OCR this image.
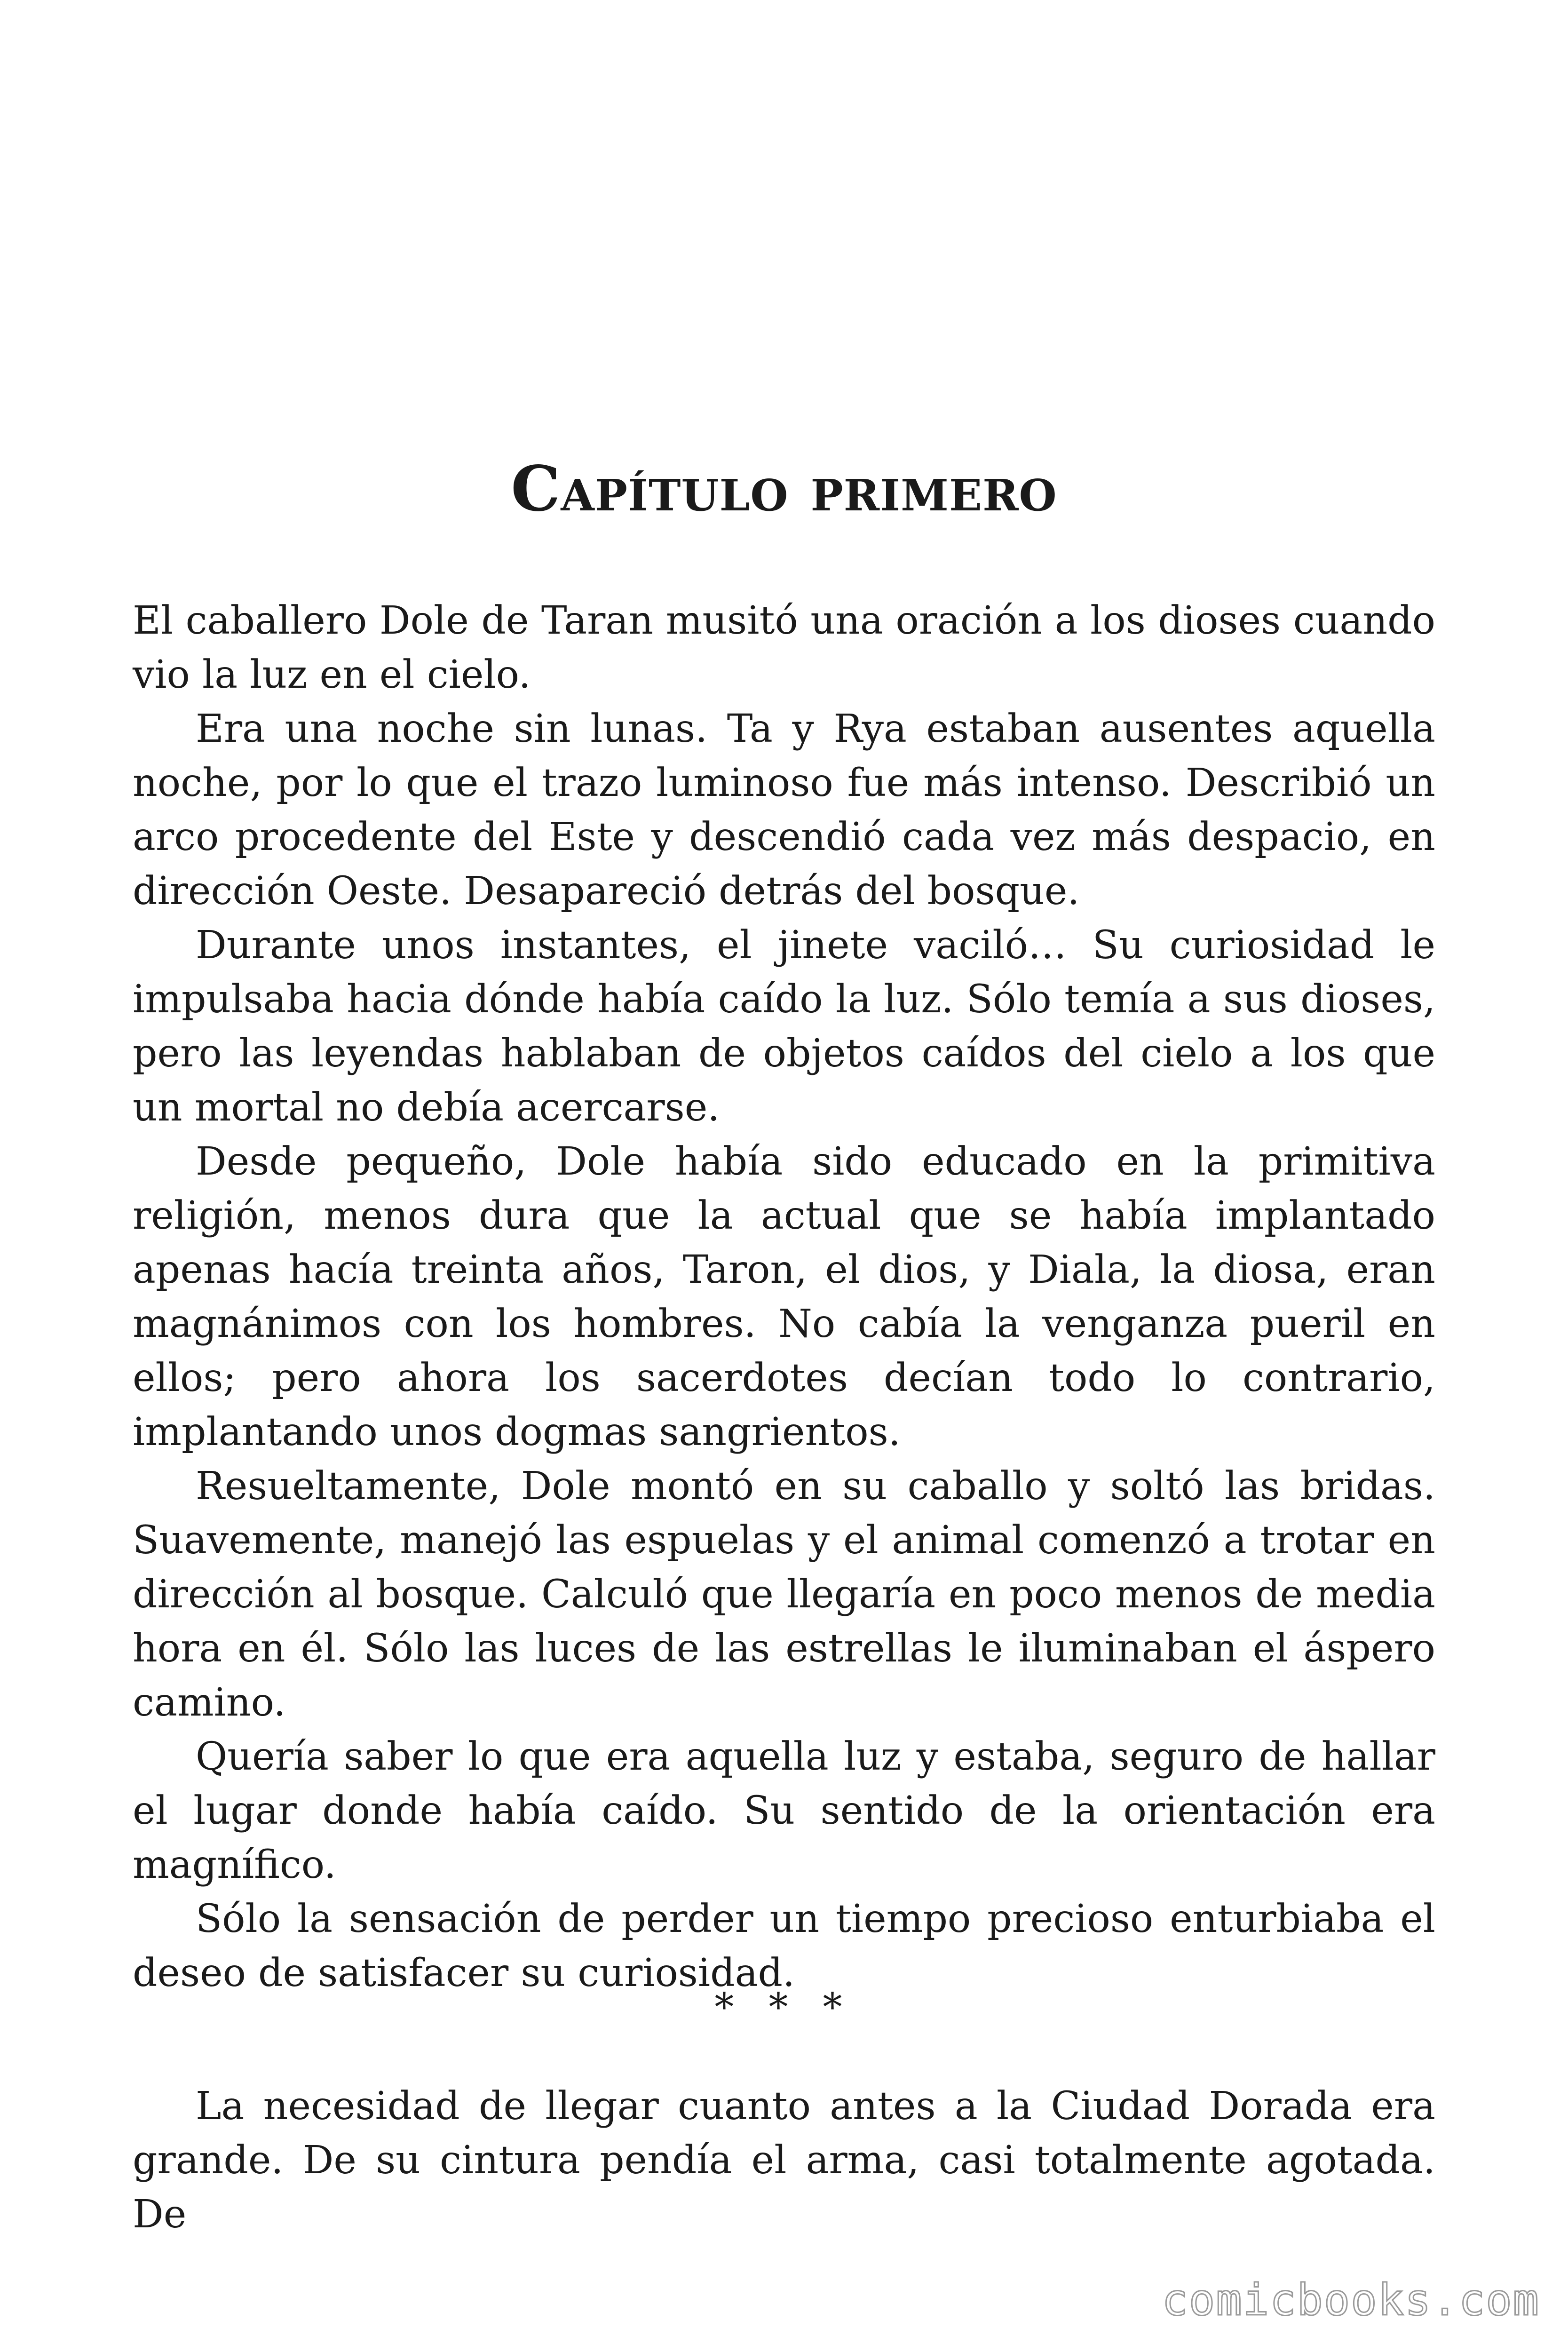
Capítulo primero

El caballero Dole de Taran musitó una oración a los dioses cuando vio la luz en el cielo.

Era una noche sin lunas. Ta y Rya estaban ausentes aquella noche, por lo que el trazo luminoso fue más intenso. Describió un arco procedente del Este y descendió cada vez más despacio, en dirección Oeste. Desapareció detrás del bosque.

Durante unos instantes, el jinete vaciló… Su curiosidad le impulsaba hacia dónde había caído la luz. Sólo temía a sus dioses, pero las leyendas hablaban de objetos caídos del cielo a los que un mortal no debía acercarse.

Desde pequeño, Dole había sido educado en la primitiva religión, menos dura que la actual que se había implantado apenas hacía treinta años, Taron, el dios, y Diala, la diosa, eran magnánimos con los hombres. No cabía la venganza pueril en ellos; pero ahora los sacerdotes decían todo lo contrario, implantando unos dogmas sangrientos.

Resueltamente, Dole montó en su caballo y soltó las bridas. Suavemente, manejó las espuelas y el animal comenzó a trotar en dirección al bosque. Calculó que llegaría en poco menos de media hora en él. Sólo las luces de las estrellas le iluminaban el áspero camino.

Quería saber lo que era aquella luz y estaba, seguro de hallar el lugar donde había caído. Su sentido de la orientación era magnífico.

Sólo la sensación de perder un tiempo precioso enturbiaba el deseo de satisfacer su curiosidad.

* * *

La necesidad de llegar cuanto antes a la Ciudad Dorada era grande. De su cintura pendía el arma, casi totalmente agotada. De

comicbooks.com
